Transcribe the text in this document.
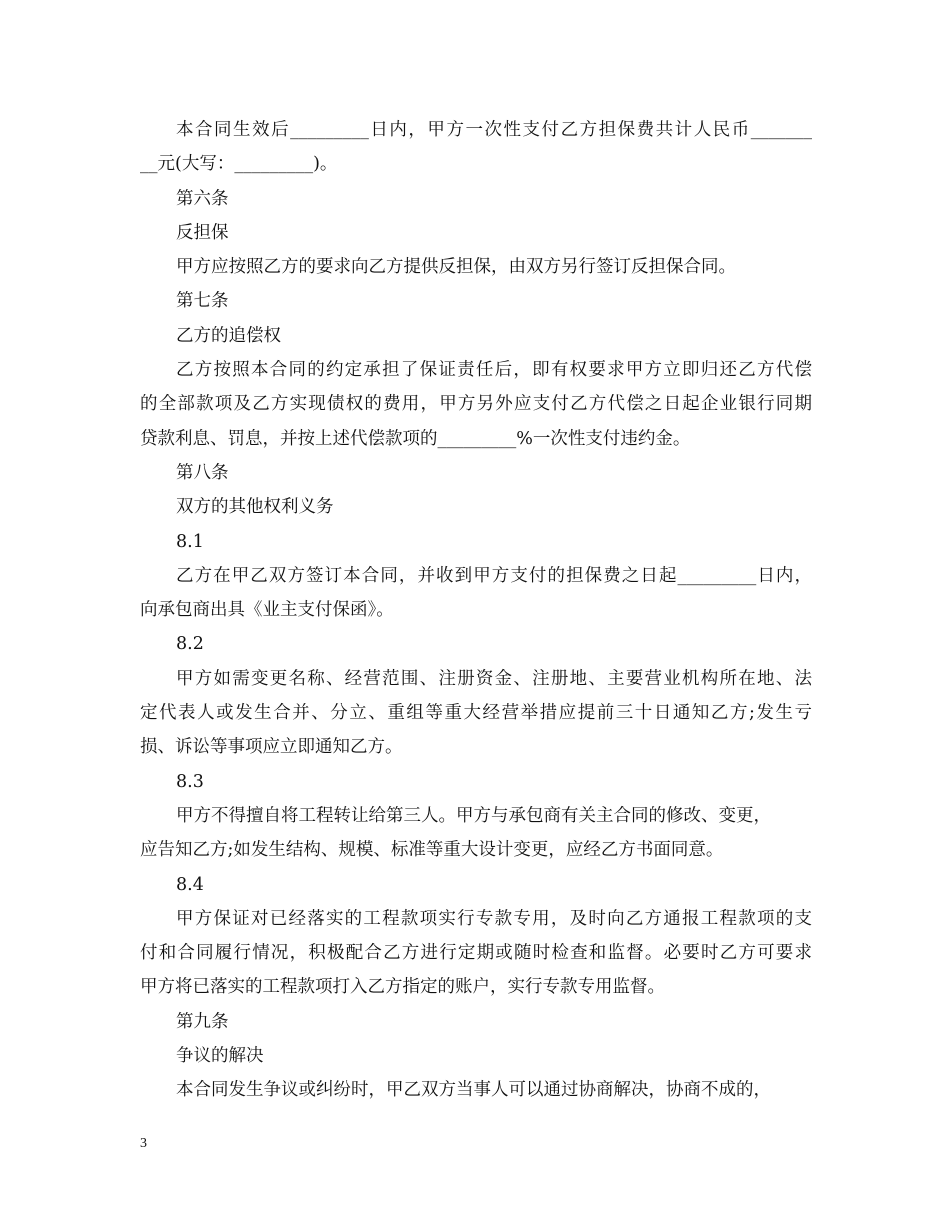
本合同生效后_________日内，甲方一次性支付乙方担保费共计人民币_______
__元(大写：_________)。
第六条
反担保
甲方应按照乙方的要求向乙方提供反担保，由双方另行签订反担保合同。
第七条
乙方的追偿权
乙方按照本合同的约定承担了保证责任后，即有权要求甲方立即归还乙方代偿
的全部款项及乙方实现债权的费用，甲方另外应支付乙方代偿之日起企业银行同期
贷款利息、罚息，并按上述代偿款项的_________%一次性支付违约金。
第八条
双方的其他权利义务
8.1
乙方在甲乙双方签订本合同，并收到甲方支付的担保费之日起_________日内，
向承包商出具《业主支付保函》。
8.2
甲方如需变更名称、经营范围、注册资金、注册地、主要营业机构所在地、法
定代表人或发生合并、分立、重组等重大经营举措应提前三十日通知乙方;发生亏
损、诉讼等事项应立即通知乙方。
8.3
甲方不得擅自将工程转让给第三人。甲方与承包商有关主合同的修改、变更，
应告知乙方;如发生结构、规模、标准等重大设计变更，应经乙方书面同意。
8.4
甲方保证对已经落实的工程款项实行专款专用，及时向乙方通报工程款项的支
付和合同履行情况，积极配合乙方进行定期或随时检查和监督。必要时乙方可要求
甲方将已落实的工程款项打入乙方指定的账户，实行专款专用监督。
第九条
争议的解决
本合同发生争议或纠纷时，甲乙双方当事人可以通过协商解决，协商不成的，
3
